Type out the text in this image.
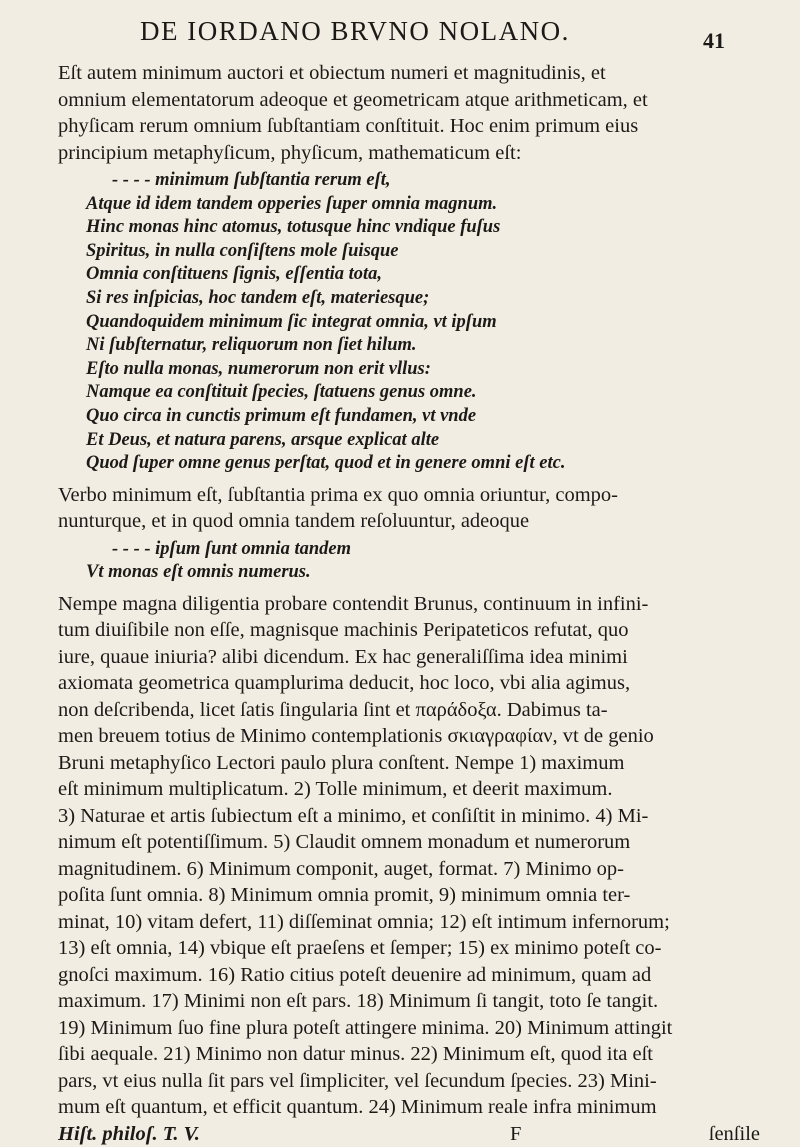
DE IORDANO BRVNO NOLANO.	41
Eſt autem minimum auctori et obiectum numeri et magnitudinis, et
omnium elementatorum adeoque et geometricam atque arithmeticam, et
phyſicam rerum omnium ſubſtantiam conſtituit. Hoc enim primum eius
principium metaphyſicum, phyſicum, mathematicum eſt:
- - - - minimum ſubſtantia rerum eſt,
Atque id idem tandem opperies ſuper omnia magnum.
Hinc monas hinc atomus, totusque hinc vndique fuſus
Spiritus, in nulla conſiſtens mole ſuisque
Omnia conſtituens ſignis, eſſentia tota,
Si res inſpicias, hoc tandem eſt, materiesque;
Quandoquidem minimum ſic integrat omnia, vt ipſum
Ni ſubſternatur, reliquorum non ſiet hilum.
Eſto nulla monas, numerorum non erit vllus:
Namque ea conſtituit ſpecies, ſtatuens genus omne.
Quo circa in cunctis primum eſt fundamen, vt vnde
Et Deus, et natura parens, arsque explicat alte
Quod ſuper omne genus perſtat, quod et in genere omni eſt etc.
Verbo minimum eſt, ſubſtantia prima ex quo omnia oriuntur, compo-
nunturque, et in quod omnia tandem reſoluuntur, adeoque
- - - - ipſum ſunt omnia tandem
Vt monas eſt omnis numerus.
Nempe magna diligentia probare contendit Brunus, continuum in infini-
tum diuiſibile non eſſe, magnisque machinis Peripateticos refutat, quo
iure, quaue iniuria? alibi dicendum. Ex hac generaliſſima idea minimi
axiomata geometrica quamplurima deducit, hoc loco, vbi alia agimus,
non deſcribenda, licet ſatis ſingularia ſint et παράδοξα. Dabimus ta-
men breuem totius de Minimo contemplationis σκιαγραφίαν, vt de genio
Bruni metaphyſico Lectori paulo plura conſtent. Nempe 1) maximum
eſt minimum multiplicatum. 2) Tolle minimum, et deerit maximum.
3) Naturae et artis ſubiectum eſt a minimo, et conſiſtit in minimo. 4) Mi-
nimum eſt potentiſſimum. 5) Claudit omnem monadum et numerorum
magnitudinem. 6) Minimum componit, auget, format. 7) Minimo op-
poſita ſunt omnia. 8) Minimum omnia promit, 9) minimum omnia ter-
minat, 10) vitam defert, 11) diſſeminat omnia; 12) eſt intimum infernorum;
13) eſt omnia, 14) vbique eſt praeſens et ſemper; 15) ex minimo poteſt co-
gnoſci maximum. 16) Ratio citius poteſt deuenire ad minimum, quam ad
maximum. 17) Minimi non eſt pars. 18) Minimum ſi tangit, toto ſe tangit.
19) Minimum ſuo fine plura poteſt attingere minima. 20) Minimum attingit
ſibi aequale. 21) Minimo non datur minus. 22) Minimum eſt, quod ita eſt
pars, vt eius nulla ſit pars vel ſimpliciter, vel ſecundum ſpecies. 23) Mini-
mum eſt quantum, et efficit quantum. 24) Minimum reale infra minimum
Hiſt. philoſ. T. V.	F	ſenſile
